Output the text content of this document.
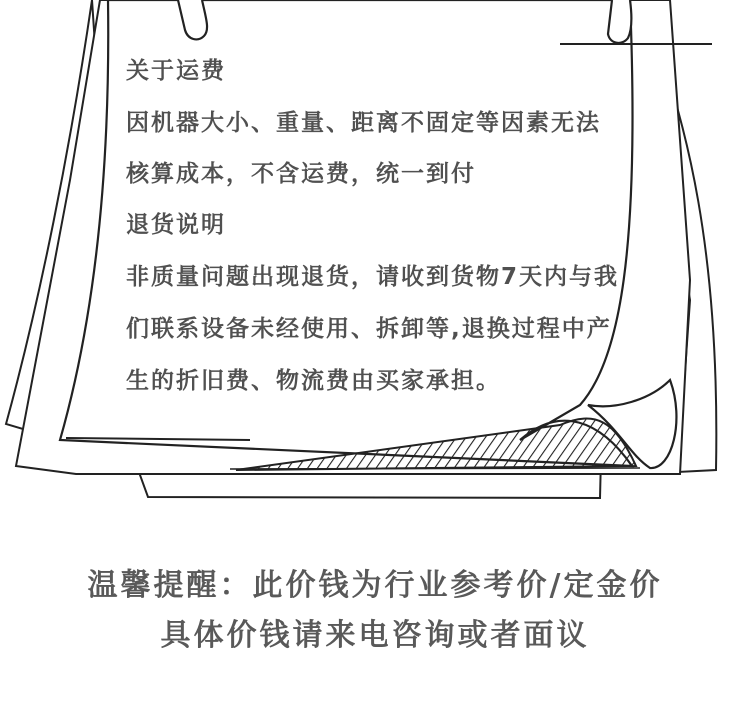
关于运费

因机器大小、重量、距离不固定等因素无法

核算成本，不含运费，统一到付

退货说明

非质量问题出现退货，请收到货物7天内与我

们联系设备未经使用、拆卸等,退换过程中产

生的折旧费、物流费由买家承担。

温馨提醒：此价钱为行业参考价/定金价

具体价钱请来电咨询或者面议
